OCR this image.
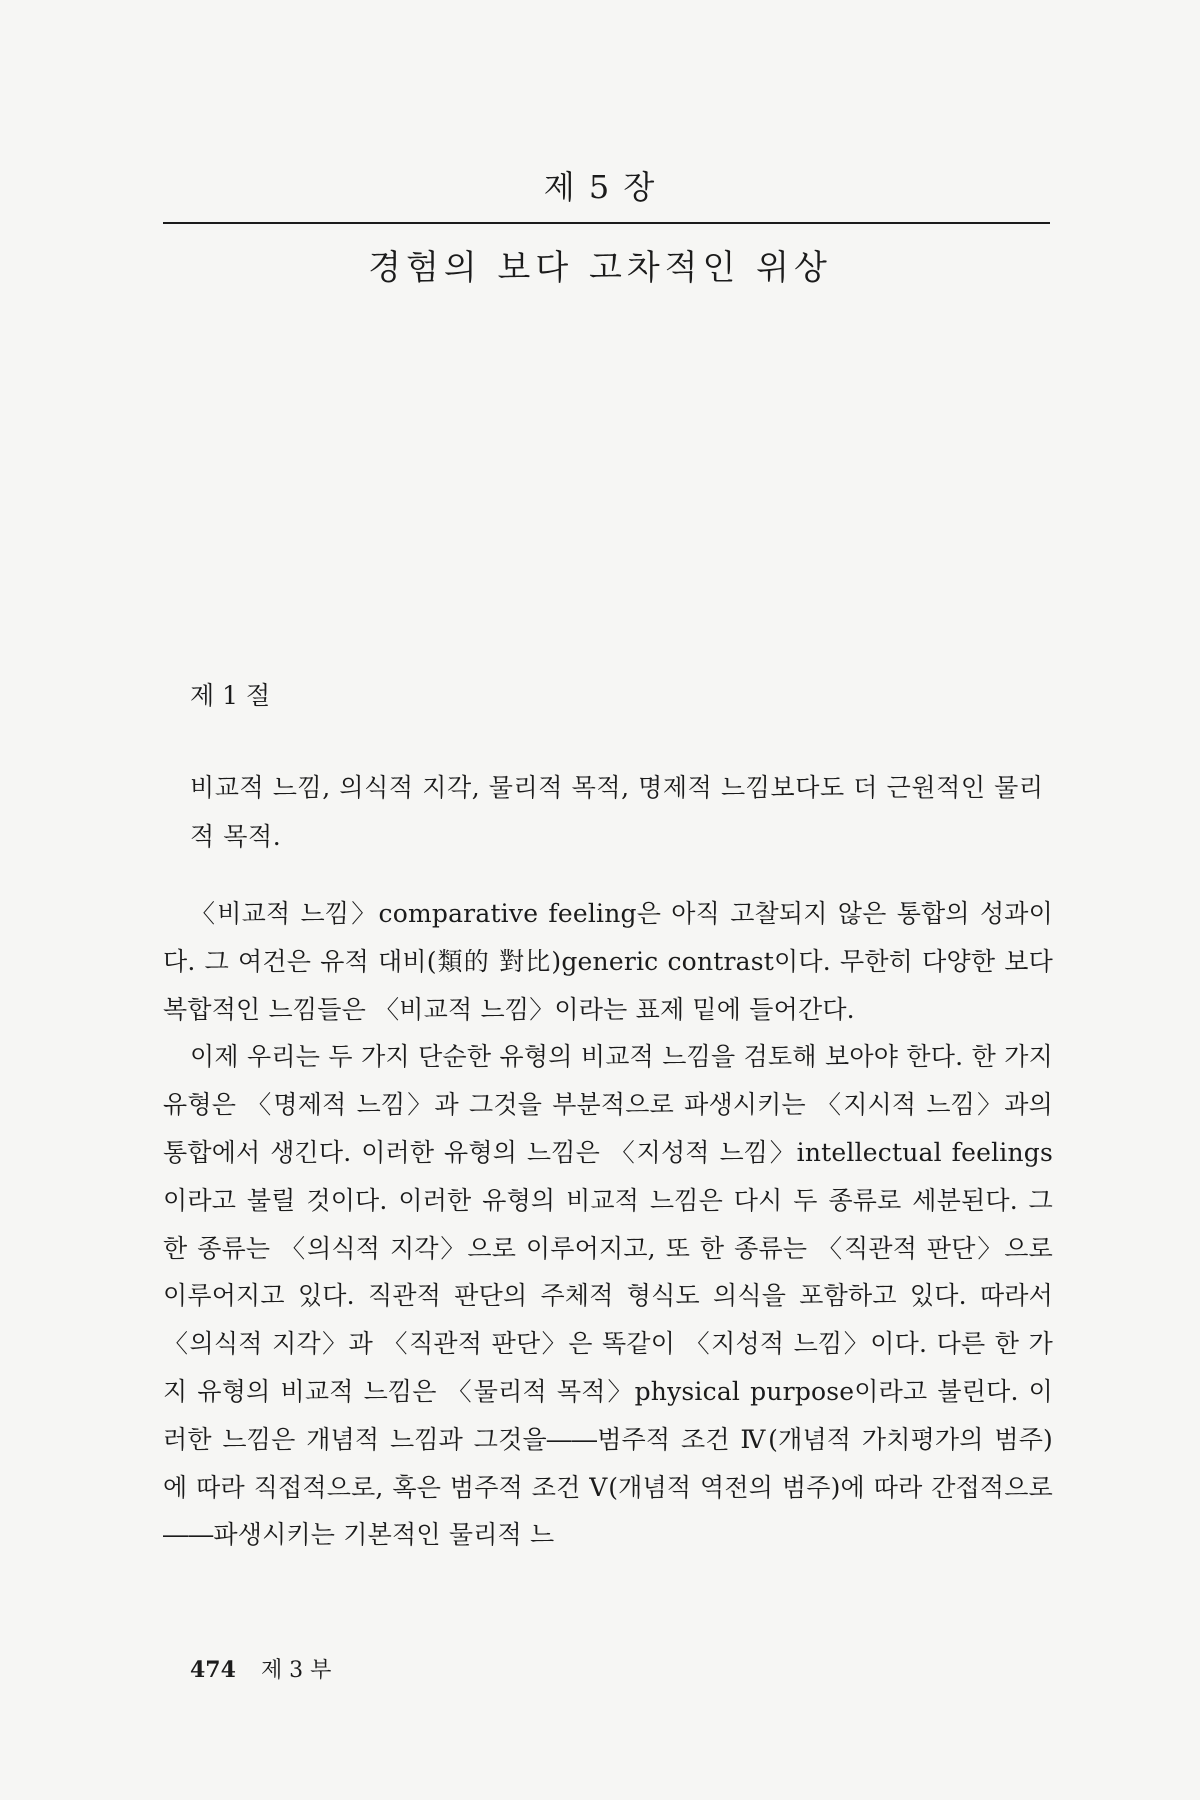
제 5 장
경험의 보다 고차적인 위상
제 1 절
비교적 느낌, 의식적 지각, 물리적 목적, 명제적 느낌보다도 더 근원적인 물리적 목적.

〈비교적 느낌〉comparative feeling은 아직 고찰되지 않은 통합의 성과이다. 그 여건은 유적 대비(類的 對比)generic contrast이다. 무한히 다양한 보다 복합적인 느낌들은 〈비교적 느낌〉이라는 표제 밑에 들어간다.

이제 우리는 두 가지 단순한 유형의 비교적 느낌을 검토해 보아야 한다. 한 가지 유형은 〈명제적 느낌〉과 그것을 부분적으로 파생시키는 〈지시적 느낌〉과의 통합에서 생긴다. 이러한 유형의 느낌은 〈지성적 느낌〉intellectual feelings이라고 불릴 것이다. 이러한 유형의 비교적 느낌은 다시 두 종류로 세분된다. 그 한 종류는 〈의식적 지각〉으로 이루어지고, 또 한 종류는 〈직관적 판단〉으로 이루어지고 있다. 직관적 판단의 주체적 형식도 의식을 포함하고 있다. 따라서 〈의식적 지각〉과 〈직관적 판단〉은 똑같이 〈지성적 느낌〉이다. 다른 한 가지 유형의 비교적 느낌은 〈물리적 목적〉physical purpose이라고 불린다. 이러한 느낌은 개념적 느낌과 그것을――범주적 조건 Ⅳ(개념적 가치평가의 범주)에 따라 직접적으로, 혹은 범주적 조건 Ⅴ(개념적 역전의 범주)에 따라 간접적으로――파생시키는 기본적인 물리적 느

474 제 3 부
